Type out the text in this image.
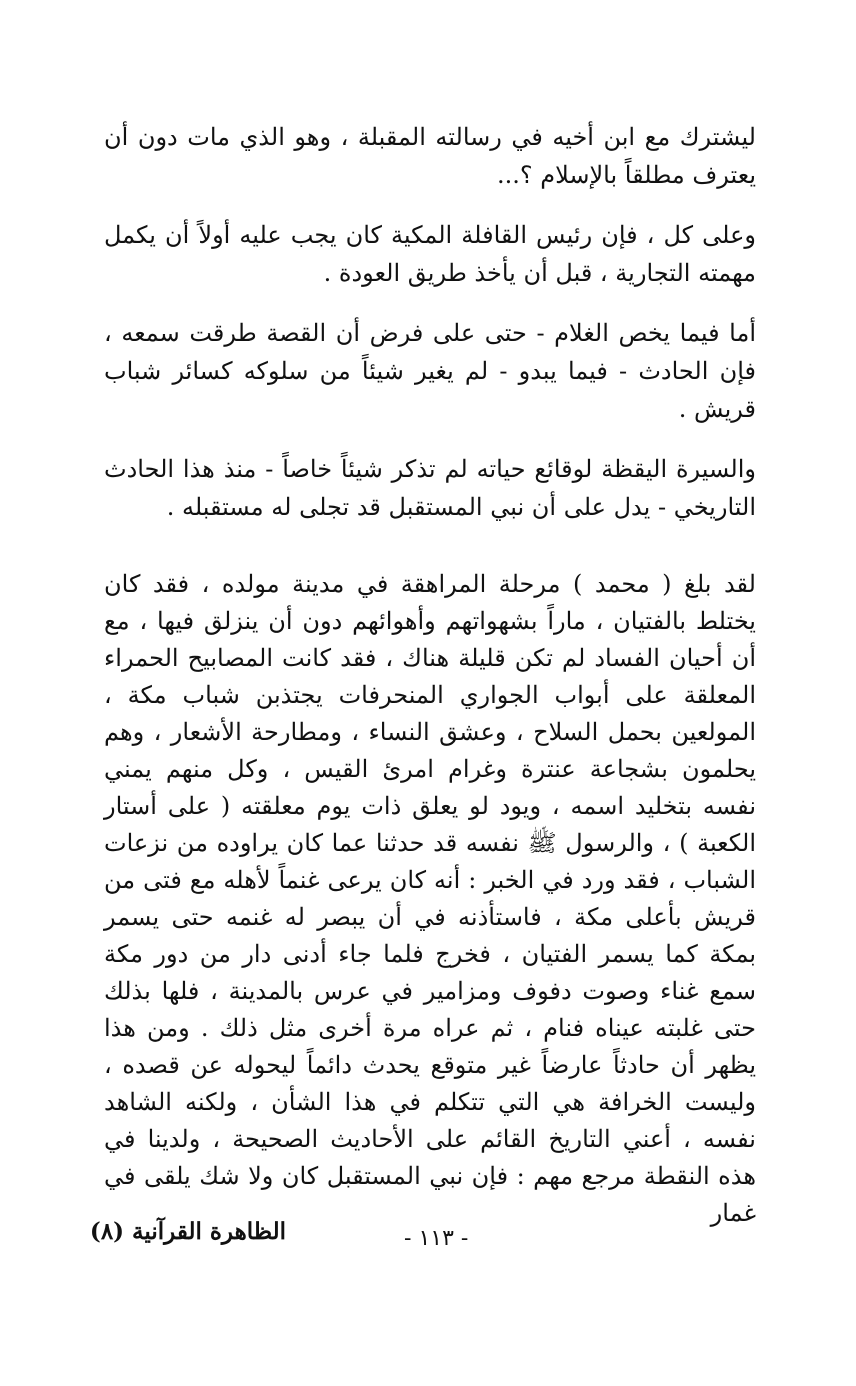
ليشترك مع ابن أخيه في رسالته المقبلة ، وهو الذي مات دون أن يعترف مطلقاً بالإسلام ؟...

وعلى كل ، فإن رئيس القافلة المكية كان يجب عليه أولاً أن يكمل مهمته التجارية ، قبل أن يأخذ طريق العودة .

أما فيما يخص الغلام - حتى على فرض أن القصة طرقت سمعه ، فإن الحادث - فيما يبدو - لم يغير شيئاً من سلوكه كسائر شباب قريش .

والسيرة اليقظة لوقائع حياته لم تذكر شيئاً خاصاً - منذ هذا الحادث التاريخي - يدل على أن نبي المستقبل قد تجلى له مستقبله .

لقد بلغ ( محمد ) مرحلة المراهقة في مدينة مولده ، فقد كان يختلط بالفتيان ، ماراً بشهواتهم وأهوائهم دون أن ينزلق فيها ، مع أن أحيان الفساد لم تكن قليلة هناك ، فقد كانت المصابيح الحمراء المعلقة على أبواب الجواري المنحرفات يجتذبن شباب مكة ، المولعين بحمل السلاح ، وعشق النساء ، ومطارحة الأشعار ، وهم يحلمون بشجاعة عنترة وغرام امرئ القيس ، وكل منهم يمني نفسه بتخليد اسمه ، ويود لو يعلق ذات يوم معلقته ( على أستار الكعبة ) ، والرسول ﷺ نفسه قد حدثنا عما كان يراوده من نزعات الشباب ، فقد ورد في الخبر : أنه كان يرعى غنماً لأهله مع فتى من قريش بأعلى مكة ، فاستأذنه في أن يبصر له غنمه حتى يسمر بمكة كما يسمر الفتيان ، فخرج فلما جاء أدنى دار من دور مكة سمع غناء وصوت دفوف ومزامير في عرس بالمدينة ، فلها بذلك حتى غلبته عيناه فنام ، ثم عراه مرة أخرى مثل ذلك . ومن هذا يظهر أن حادثاً عارضاً غير متوقع يحدث دائماً ليحوله عن قصده ، وليست الخرافة هي التي تتكلم في هذا الشأن ، ولكنه الشاهد نفسه ، أعني التاريخ القائم على الأحاديث الصحيحة ، ولدينا في هذه النقطة مرجع مهم : فإن نبي المستقبل كان ولا شك يلقى في غمار

الظاهرة القرآنية (٨)	- ١١٣ -
